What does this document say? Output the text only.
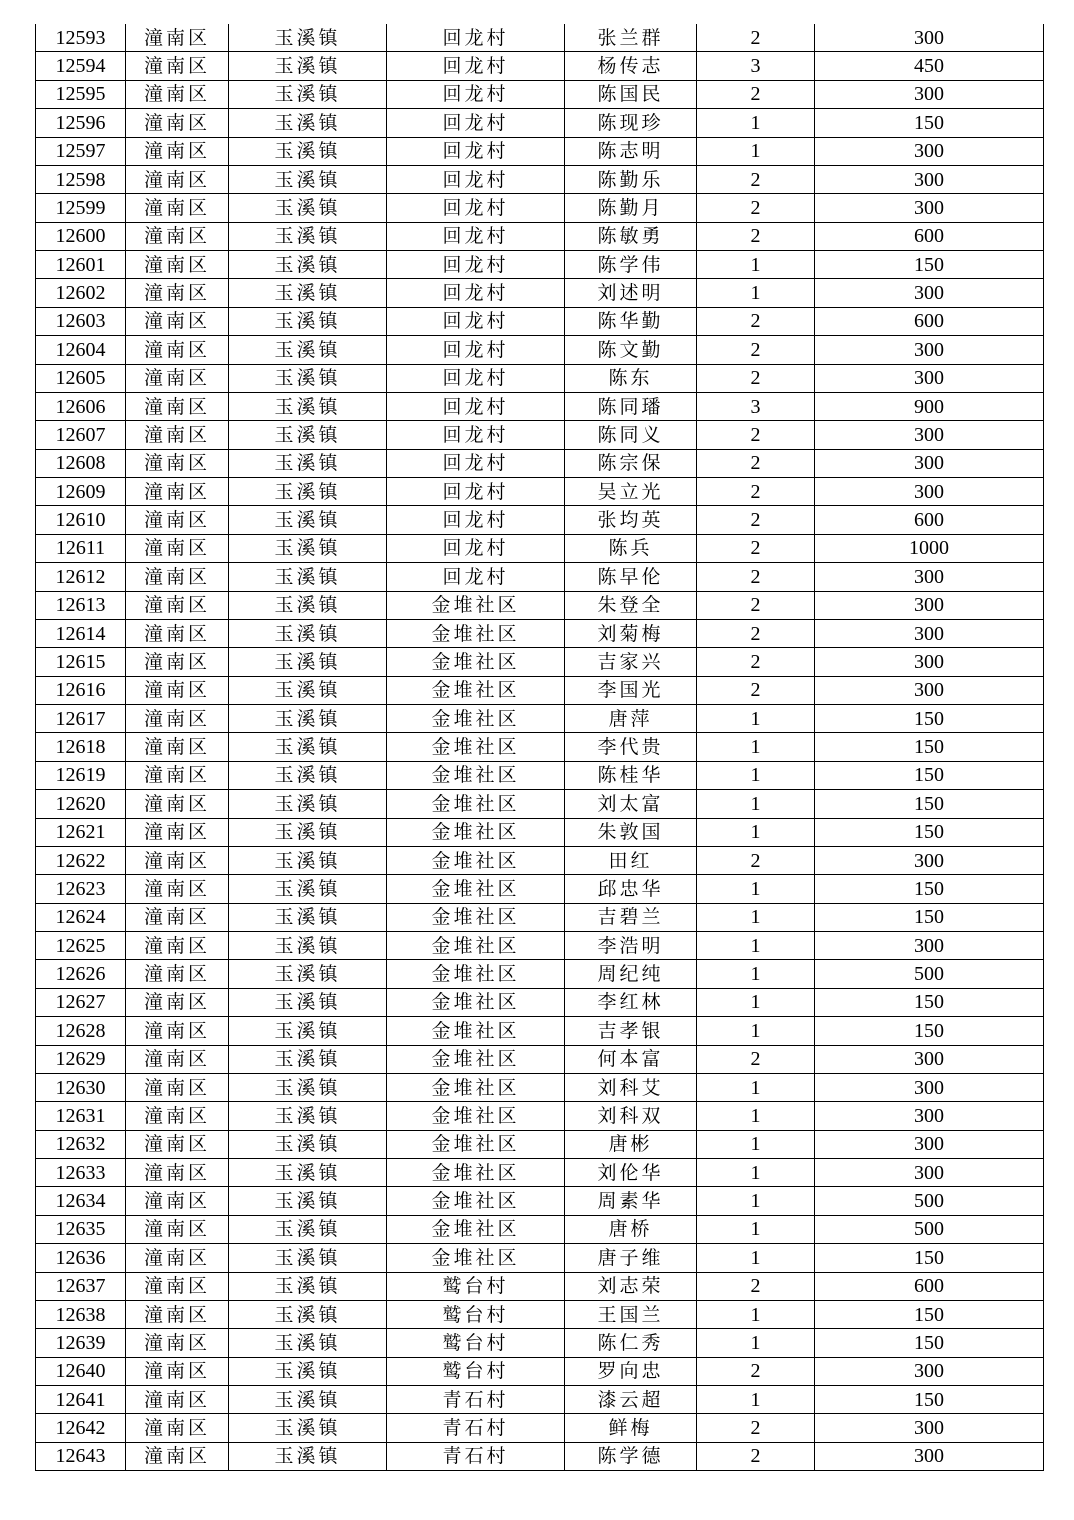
12593	潼南区	玉溪镇	回龙村	张兰群	2	300
12594	潼南区	玉溪镇	回龙村	杨传志	3	450
12595	潼南区	玉溪镇	回龙村	陈国民	2	300
12596	潼南区	玉溪镇	回龙村	陈现珍	1	150
12597	潼南区	玉溪镇	回龙村	陈志明	1	300
12598	潼南区	玉溪镇	回龙村	陈勤乐	2	300
12599	潼南区	玉溪镇	回龙村	陈勤月	2	300
12600	潼南区	玉溪镇	回龙村	陈敏勇	2	600
12601	潼南区	玉溪镇	回龙村	陈学伟	1	150
12602	潼南区	玉溪镇	回龙村	刘述明	1	300
12603	潼南区	玉溪镇	回龙村	陈华勤	2	600
12604	潼南区	玉溪镇	回龙村	陈文勤	2	300
12605	潼南区	玉溪镇	回龙村	陈东	2	300
12606	潼南区	玉溪镇	回龙村	陈同璠	3	900
12607	潼南区	玉溪镇	回龙村	陈同义	2	300
12608	潼南区	玉溪镇	回龙村	陈宗保	2	300
12609	潼南区	玉溪镇	回龙村	吴立光	2	300
12610	潼南区	玉溪镇	回龙村	张均英	2	600
12611	潼南区	玉溪镇	回龙村	陈兵	2	1000
12612	潼南区	玉溪镇	回龙村	陈早伦	2	300
12613	潼南区	玉溪镇	金堆社区	朱登全	2	300
12614	潼南区	玉溪镇	金堆社区	刘菊梅	2	300
12615	潼南区	玉溪镇	金堆社区	吉家兴	2	300
12616	潼南区	玉溪镇	金堆社区	李国光	2	300
12617	潼南区	玉溪镇	金堆社区	唐萍	1	150
12618	潼南区	玉溪镇	金堆社区	李代贵	1	150
12619	潼南区	玉溪镇	金堆社区	陈桂华	1	150
12620	潼南区	玉溪镇	金堆社区	刘太富	1	150
12621	潼南区	玉溪镇	金堆社区	朱敦国	1	150
12622	潼南区	玉溪镇	金堆社区	田红	2	300
12623	潼南区	玉溪镇	金堆社区	邱忠华	1	150
12624	潼南区	玉溪镇	金堆社区	吉碧兰	1	150
12625	潼南区	玉溪镇	金堆社区	李浩明	1	300
12626	潼南区	玉溪镇	金堆社区	周纪纯	1	500
12627	潼南区	玉溪镇	金堆社区	李红林	1	150
12628	潼南区	玉溪镇	金堆社区	吉孝银	1	150
12629	潼南区	玉溪镇	金堆社区	何本富	2	300
12630	潼南区	玉溪镇	金堆社区	刘科艾	1	300
12631	潼南区	玉溪镇	金堆社区	刘科双	1	300
12632	潼南区	玉溪镇	金堆社区	唐彬	1	300
12633	潼南区	玉溪镇	金堆社区	刘伦华	1	300
12634	潼南区	玉溪镇	金堆社区	周素华	1	500
12635	潼南区	玉溪镇	金堆社区	唐桥	1	500
12636	潼南区	玉溪镇	金堆社区	唐子维	1	150
12637	潼南区	玉溪镇	鹫台村	刘志荣	2	600
12638	潼南区	玉溪镇	鹫台村	王国兰	1	150
12639	潼南区	玉溪镇	鹫台村	陈仁秀	1	150
12640	潼南区	玉溪镇	鹫台村	罗向忠	2	300
12641	潼南区	玉溪镇	青石村	漆云超	1	150
12642	潼南区	玉溪镇	青石村	鲜梅	2	300
12643	潼南区	玉溪镇	青石村	陈学德	2	300
